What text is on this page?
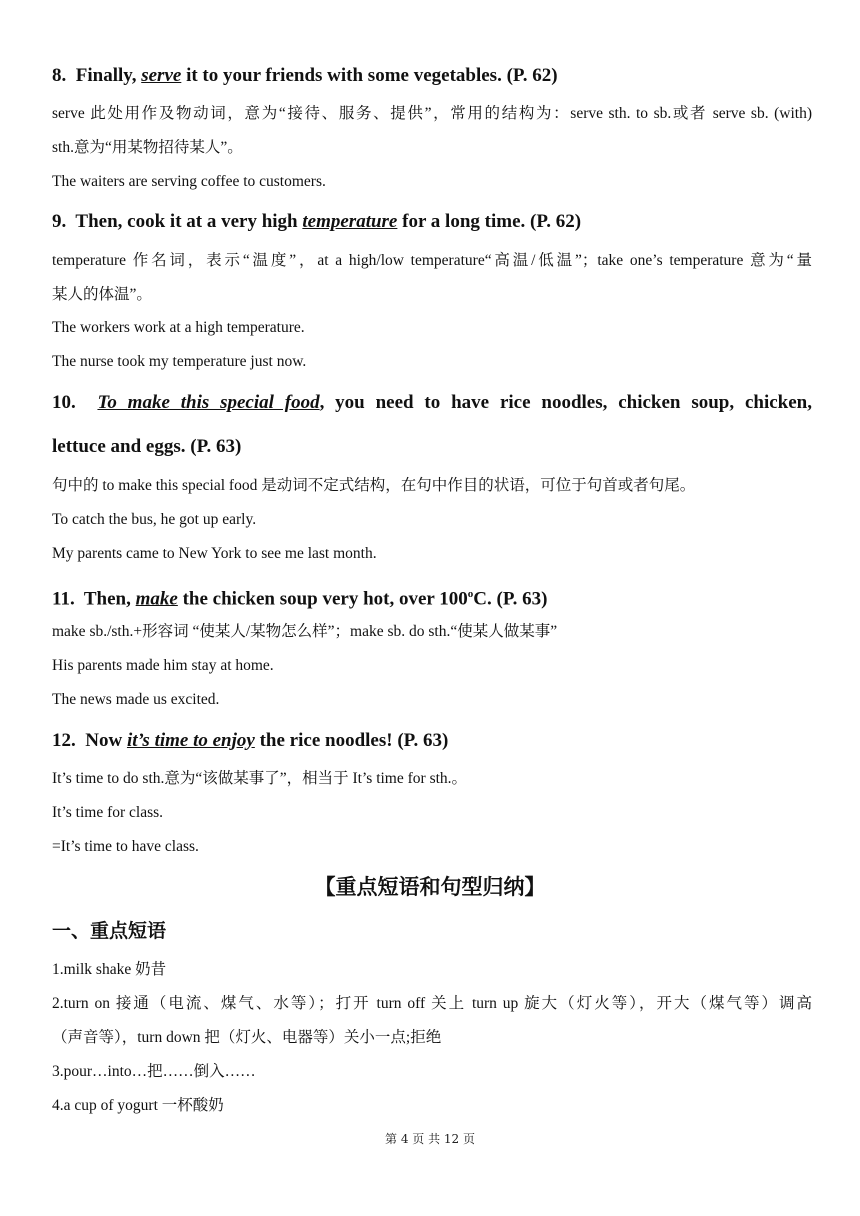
8. Finally, serve it to your friends with some vegetables. (P. 62)
serve 此处用作及物动词，意为“接待、服务、提供”，常用的结构为：serve sth. to sb.或者 serve sb. (with)
sth.意为“用某物招待某人”。
The waiters are serving coffee to customers.
9. Then, cook it at a very high temperature for a long time. (P. 62)
temperature 作名词，表示“温度”，at a high/low temperature“高温/低温”；take one’s temperature 意为“量
某人的体温”。
The workers work at a high temperature.
The nurse took my temperature just now.
10. To make this special food, you need to have rice noodles, chicken soup, chicken,
lettuce and eggs. (P. 63)
句中的 to make this special food 是动词不定式结构，在句中作目的状语，可位于句首或者句尾。
To catch the bus, he got up early.
My parents came to New York to see me last month.
11. Then, make the chicken soup very hot, over 100$^o$C. (P. 63)
make sb./sth.+形容词 “使某人/某物怎么样”；make sb. do sth.“使某人做某事”
His parents made him stay at home.
The news made us excited.
12. Now it’s time to enjoy the rice noodles! (P. 63)
It’s time to do sth.意为“该做某事了”，相当于 It’s time for sth.。
It’s time for class.
=It’s time to have class.
【重点短语和句型归纳】
一、重点短语
1.milk shake 奶昔
2.turn on 接通（电流、煤气、水等）；打开 turn off 关上 turn up 旋大（灯火等），开大（煤气等）调高
（声音等），turn down 把（灯火、电器等）关小一点;拒绝
3.pour…into…把……倒入……
4.a cup of yogurt 一杯酸奶
第 4 页 共 12 页
